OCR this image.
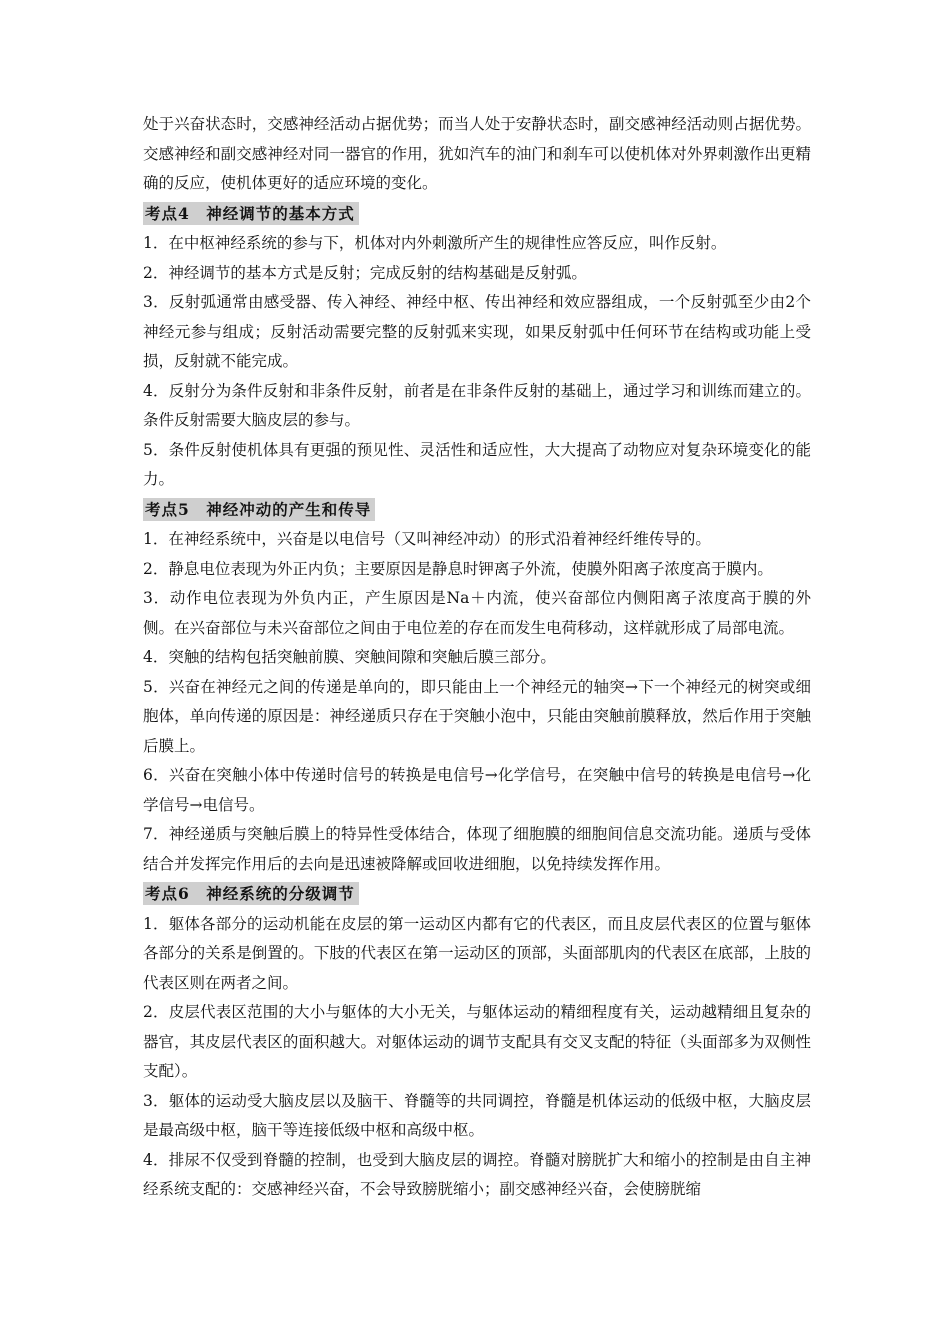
处于兴奋状态时，交感神经活动占据优势；而当人处于安静状态时，副交感神经活动则占据优势。交感神经和副交感神经对同一器官的作用，犹如汽车的油门和刹车可以使机体对外界刺激作出更精确的反应，使机体更好的适应环境的变化。

考点4　神经调节的基本方式

1．在中枢神经系统的参与下，机体对内外刺激所产生的规律性应答反应，叫作反射。

2．神经调节的基本方式是反射；完成反射的结构基础是反射弧。

3．反射弧通常由感受器、传入神经、神经中枢、传出神经和效应器组成，一个反射弧至少由2个神经元参与组成；反射活动需要完整的反射弧来实现，如果反射弧中任何环节在结构或功能上受损，反射就不能完成。

4．反射分为条件反射和非条件反射，前者是在非条件反射的基础上，通过学习和训练而建立的。条件反射需要大脑皮层的参与。

5．条件反射使机体具有更强的预见性、灵活性和适应性，大大提高了动物应对复杂环境变化的能力。

考点5　神经冲动的产生和传导

1．在神经系统中，兴奋是以电信号（又叫神经冲动）的形式沿着神经纤维传导的。

2．静息电位表现为外正内负；主要原因是静息时钾离子外流，使膜外阳离子浓度高于膜内。

3．动作电位表现为外负内正，产生原因是Na＋内流，使兴奋部位内侧阳离子浓度高于膜的外侧。在兴奋部位与未兴奋部位之间由于电位差的存在而发生电荷移动，这样就形成了局部电流。

4．突触的结构包括突触前膜、突触间隙和突触后膜三部分。

5．兴奋在神经元之间的传递是单向的，即只能由上一个神经元的轴突→下一个神经元的树突或细胞体，单向传递的原因是：神经递质只存在于突触小泡中，只能由突触前膜释放，然后作用于突触后膜上。

6．兴奋在突触小体中传递时信号的转换是电信号→化学信号，在突触中信号的转换是电信号→化学信号→电信号。

7．神经递质与突触后膜上的特异性受体结合，体现了细胞膜的细胞间信息交流功能。递质与受体结合并发挥完作用后的去向是迅速被降解或回收进细胞，以免持续发挥作用。

考点6　神经系统的分级调节

1．躯体各部分的运动机能在皮层的第一运动区内都有它的代表区，而且皮层代表区的位置与躯体各部分的关系是倒置的。下肢的代表区在第一运动区的顶部，头面部肌肉的代表区在底部，上肢的代表区则在两者之间。

2．皮层代表区范围的大小与躯体的大小无关，与躯体运动的精细程度有关，运动越精细且复杂的器官，其皮层代表区的面积越大。对躯体运动的调节支配具有交叉支配的特征（头面部多为双侧性支配）。

3．躯体的运动受大脑皮层以及脑干、脊髓等的共同调控，脊髓是机体运动的低级中枢，大脑皮层是最高级中枢，脑干等连接低级中枢和高级中枢。

4．排尿不仅受到脊髓的控制，也受到大脑皮层的调控。脊髓对膀胱扩大和缩小的控制是由自主神经系统支配的：交感神经兴奋，不会导致膀胱缩小；副交感神经兴奋，会使膀胱缩
